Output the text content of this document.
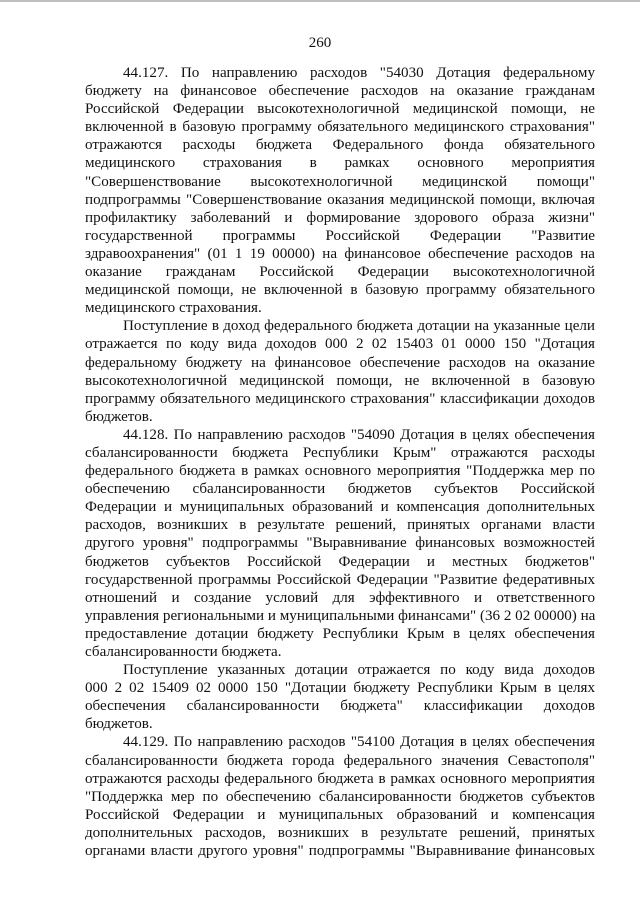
260

44.127. По направлению расходов "54030 Дотация федеральному
бюджету на финансовое обеспечение расходов на оказание гражданам
Российской Федерации высокотехнологичной медицинской помощи, не
включенной в базовую программу обязательного медицинского страхования"
отражаются расходы бюджета Федерального фонда обязательного
медицинского страхования в рамках основного мероприятия
"Совершенствование высокотехнологичной медицинской помощи"
подпрограммы "Совершенствование оказания медицинской помощи, включая
профилактику заболеваний и формирование здорового образа жизни"
государственной программы Российской Федерации "Развитие
здравоохранения" (01 1 19 00000) на финансовое обеспечение расходов на
оказание гражданам Российской Федерации высокотехнологичной
медицинской помощи, не включенной в базовую программу обязательного
медицинского страхования.

Поступление в доход федерального бюджета дотации на указанные цели
отражается по коду вида доходов 000 2 02 15403 01 0000 150 "Дотация
федеральному бюджету на финансовое обеспечение расходов на оказание
высокотехнологичной медицинской помощи, не включенной в базовую
программу обязательного медицинского страхования" классификации доходов
бюджетов.

44.128. По направлению расходов "54090 Дотация в целях обеспечения
сбалансированности бюджета Республики Крым" отражаются расходы
федерального бюджета в рамках основного мероприятия "Поддержка мер по
обеспечению сбалансированности бюджетов субъектов Российской
Федерации и муниципальных образований и компенсация дополнительных
расходов, возникших в результате решений, принятых органами власти
другого уровня" подпрограммы "Выравнивание финансовых возможностей
бюджетов субъектов Российской Федерации и местных бюджетов"
государственной программы Российской Федерации "Развитие федеративных
отношений и создание условий для эффективного и ответственного
управления региональными и муниципальными финансами" (36 2 02 00000) на
предоставление дотации бюджету Республики Крым в целях обеспечения
сбалансированности бюджета.

Поступление указанных дотации отражается по коду вида доходов
000 2 02 15409 02 0000 150 "Дотации бюджету Республики Крым в целях
обеспечения сбалансированности бюджета" классификации доходов
бюджетов.

44.129. По направлению расходов "54100 Дотация в целях обеспечения
сбалансированности бюджета города федерального значения Севастополя"
отражаются расходы федерального бюджета в рамках основного мероприятия
"Поддержка мер по обеспечению сбалансированности бюджетов субъектов
Российской Федерации и муниципальных образований и компенсация
дополнительных расходов, возникших в результате решений, принятых
органами власти другого уровня" подпрограммы "Выравнивание финансовых
